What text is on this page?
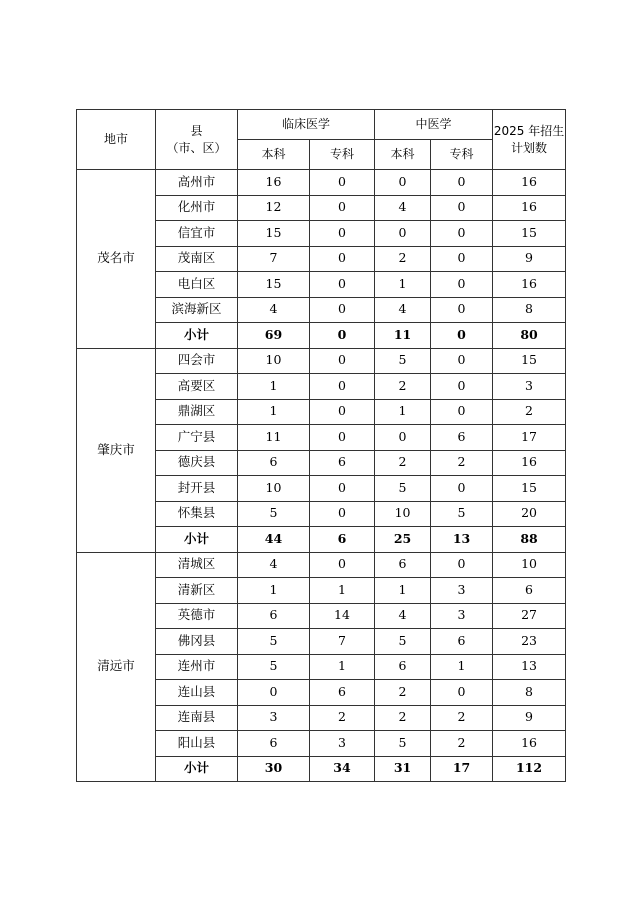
地市	县
（市、区）	临床医学		中医学		2025 年招生
计划数

		本科	专科	本科	专科	
茂名市	高州市	16	0	0	0	16
	化州市	12	0	4	0	16
	信宜市	15	0	0	0	15
	茂南区	7	0	2	0	9
	电白区	15	0	1	0	16
	滨海新区	4	0	4	0	8
	小计	69	0	11	0	80
肇庆市	四会市	10	0	5	0	15
	高要区	1	0	2	0	3
	鼎湖区	1	0	1	0	2
	广宁县	11	0	0	6	17
	德庆县	6	6	2	2	16
	封开县	10	0	5	0	15
	怀集县	5	0	10	5	20
	小计	44	6	25	13	88
清远市	清城区	4	0	6	0	10
	清新区	1	1	1	3	6
	英德市	6	14	4	3	27
	佛冈县	5	7	5	6	23
	连州市	5	1	6	1	13
	连山县	0	6	2	0	8
	连南县	3	2	2	2	9
	阳山县	6	3	5	2	16
	小计	30	34	31	17	112
